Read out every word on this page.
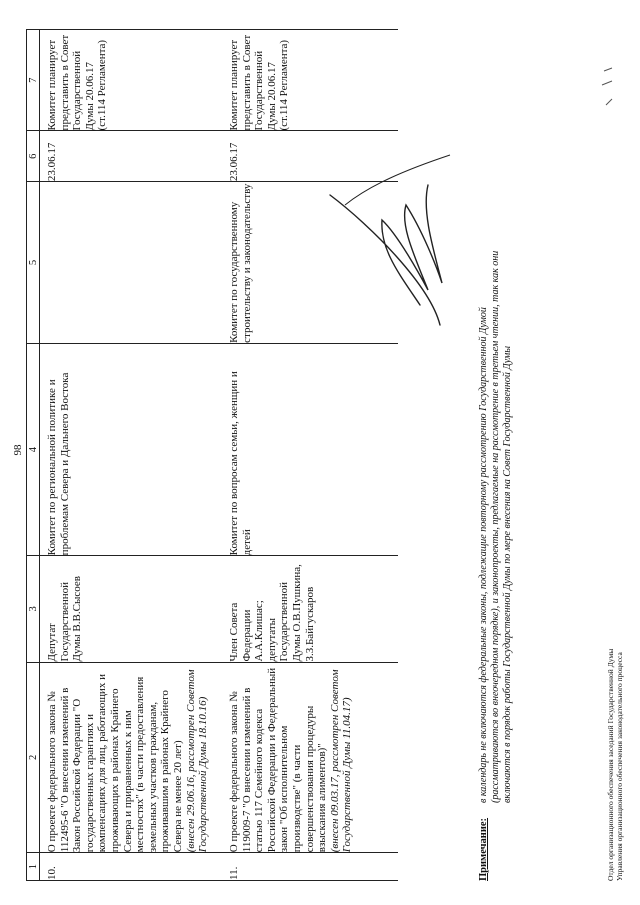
98
1	2	3	4	5	6	7
10.	О проекте федерального закона № 112495-6 "О внесении изменений в Закон Российской Федерации "О государственных гарантиях и компенсациях для лиц, работающих и проживающих в районах Крайнего Севера и приравненных к ним местностях" (в части предоставления земельных участков гражданам, проживавшим в районах Крайнего Севера не менее 20 лет) (внесен 29.06.16, рассмотрен Советом Государственной Думы 18.10.16)	Депутат Государственной Думы В.В.Сысоев	Комитет по региональной политике и проблемам Севера и Дальнего Востока		23.06.17	Комитет планирует представить в Совет Государственной Думы 20.06.17 (ст.114 Регламента)
11.	О проекте федерального закона № 119009-7 "О внесении изменений в статью 117 Семейного кодекса Российской Федерации и Федеральный закон "Об исполнительном производстве" (в части совершенствования процедуры взыскания алиментов)" (внесен 09.03.17, рассмотрен Советом Государственной Думы 11.04.17)	Член Совета Федерации А.А.Клишас; депутаты Государственной Думы О.В.Пушкина, З.З.Байгускаров	Комитет по вопросам семьи, женщин и детей	Комитет по государственному строительству и законодательству	23.06.17	Комитет планирует представить в Совет Государственной Думы 20.06.17 (ст.114 Регламента)
Примечание:
в календарь не включаются федеральные законы, подлежащие повторному рассмотрению Государственной Думой (рассматриваются во внеочередном порядке), и законопроекты, предлагаемые на рассмотрение в третьем чтении, так как они включаются в порядок работы Государственной Думы по мере внесения на Совет Государственной Думы	Отдел организационного обеспечения заседаний Государственной Думы Управления организационного обеспечения законодательного процесса
